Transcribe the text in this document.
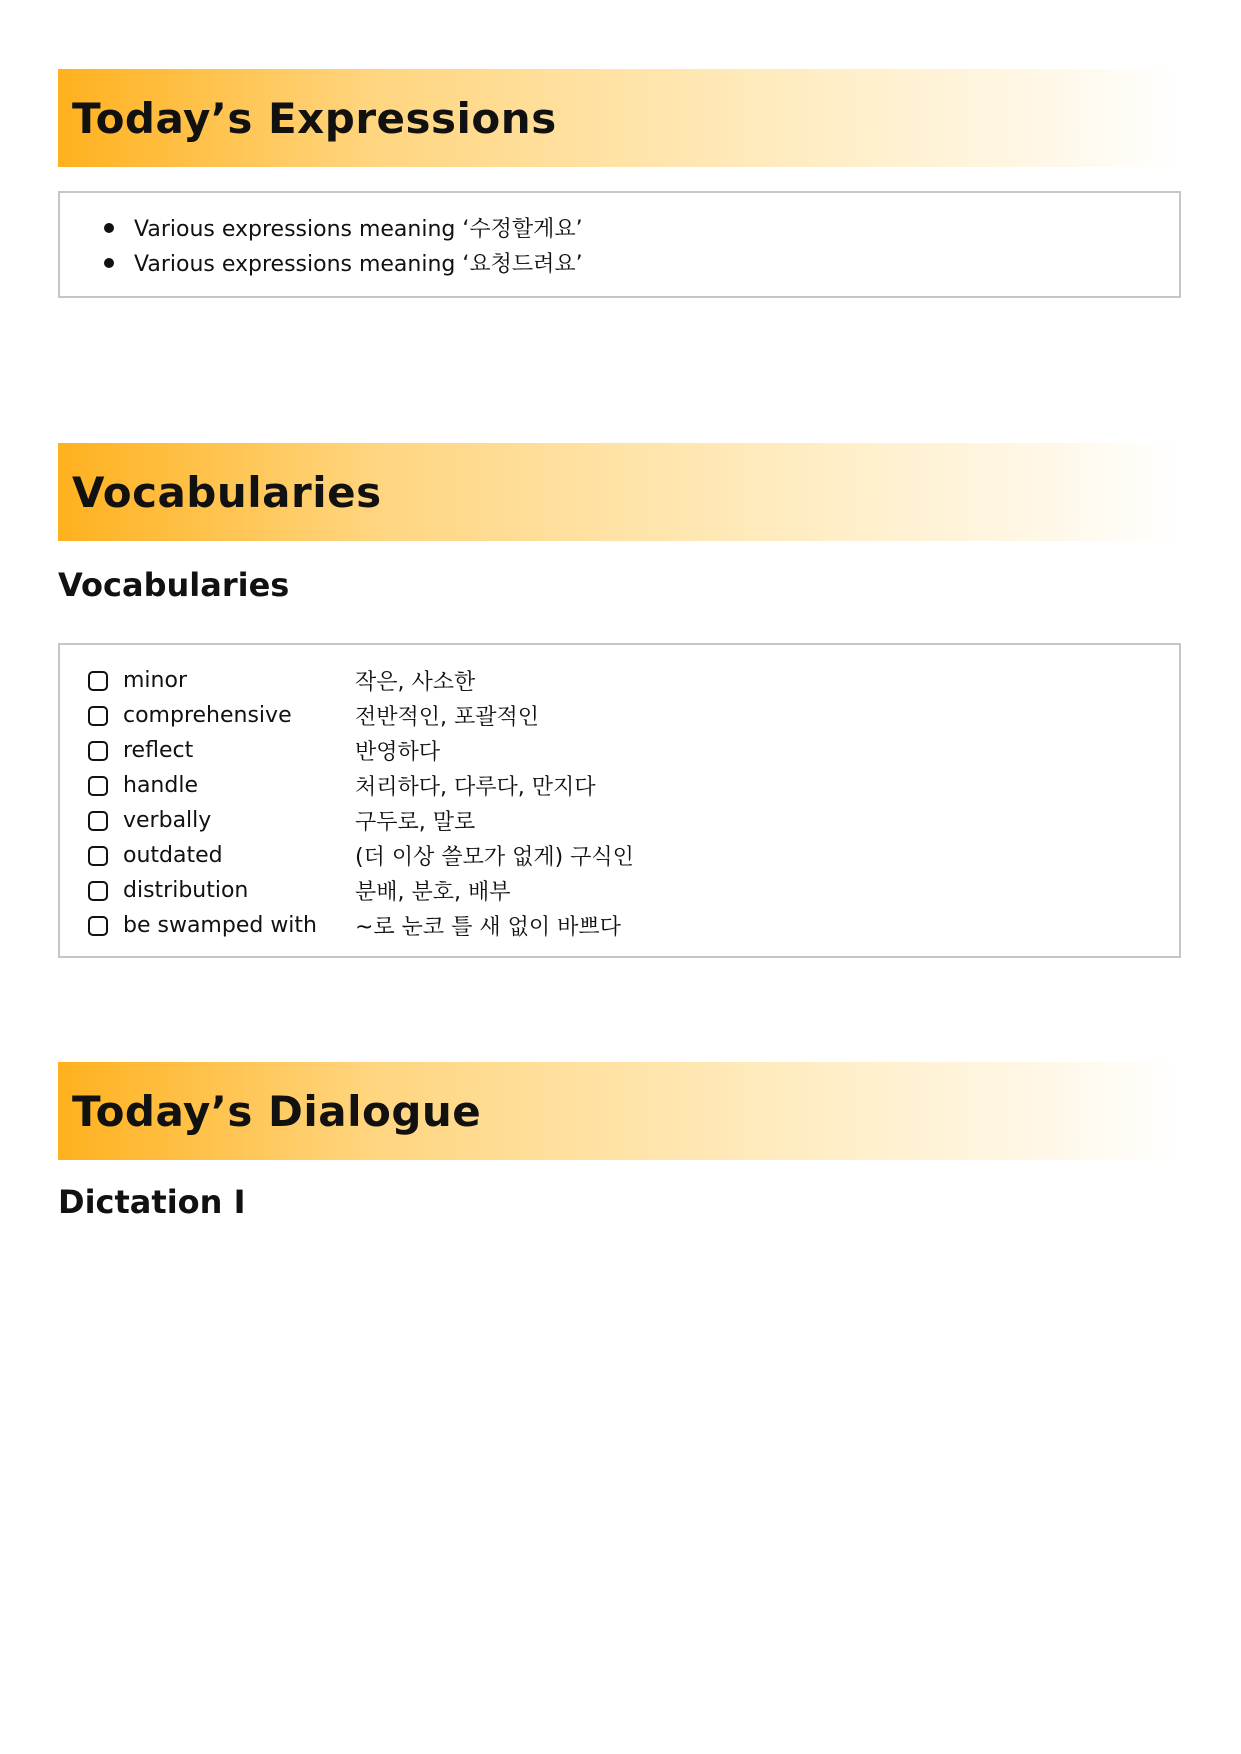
Today’s Expressions
Various expressions meaning ‘수정할게요’
Various expressions meaning ‘요청드려요’
Vocabularies
Vocabularies
minor	작은, 사소한
comprehensive	전반적인, 포괄적인
reflect	반영하다
handle	처리하다, 다루다, 만지다
verbally	구두로, 말로
outdated	(더 이상 쓸모가 없게) 구식인
distribution	분배, 분호, 배부
be swamped with	~로 눈코 틀 새 없이 바쁘다
Today’s Dialogue
Dictation I
